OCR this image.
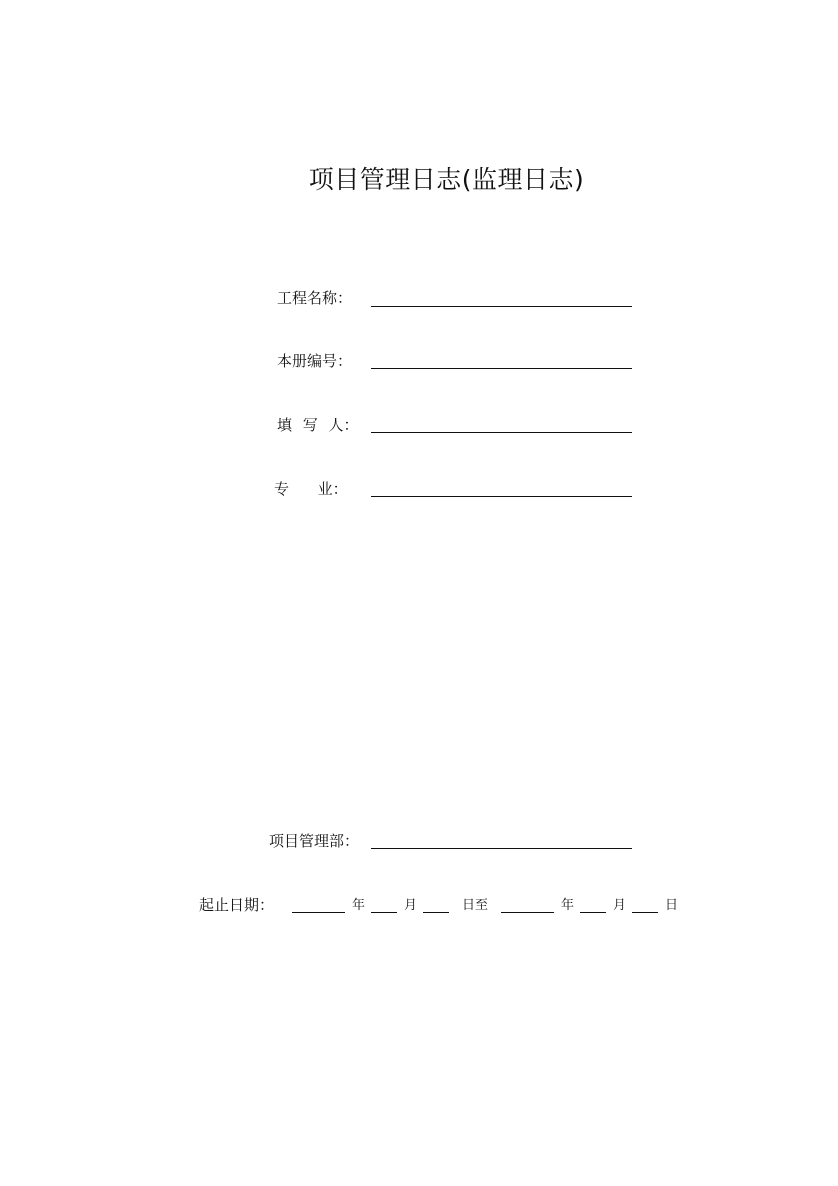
项目管理日志(监理日志)
工程名称：
本册编号：
填 写 人：
专      业：
项目管理部：
起止日期：	年	月	日至	年	月	日
